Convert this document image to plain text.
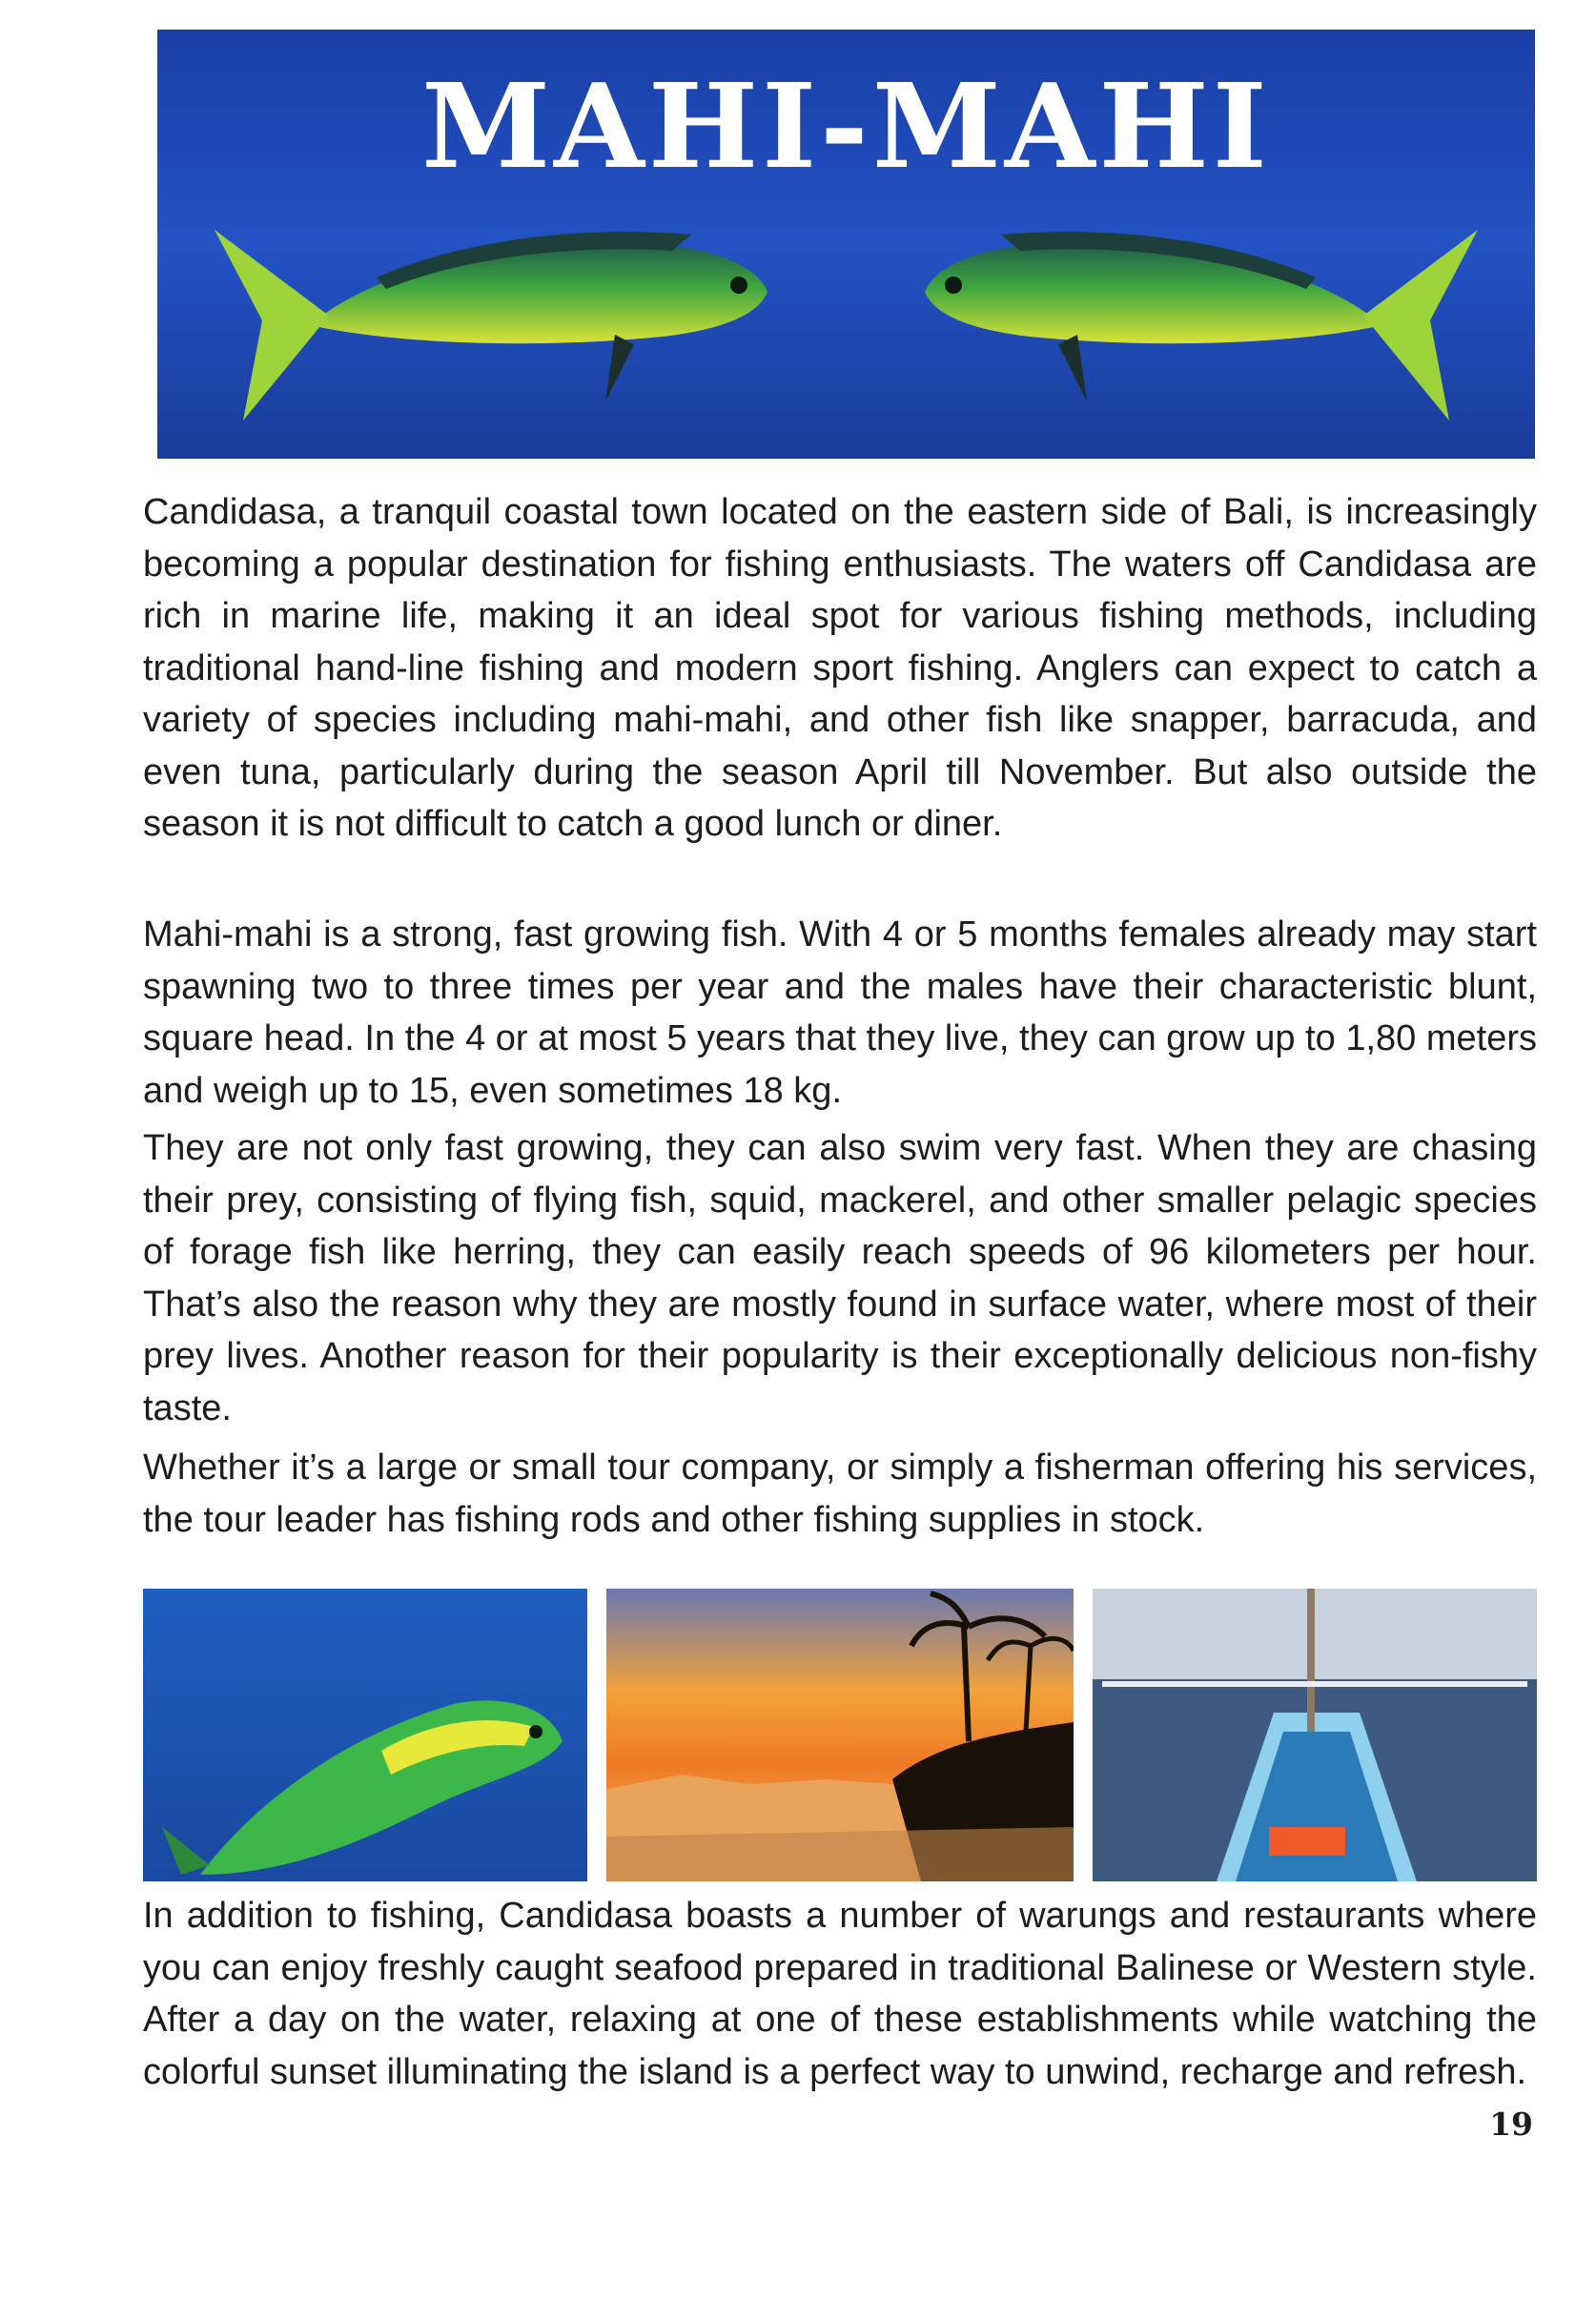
MAHI-MAHI

Candidasa, a tranquil coastal town located on the eastern side of Bali, is increasingly becoming a popular destination for fishing enthusiasts. The waters off Candidasa are rich in marine life, making it an ideal spot for various fishing methods, including traditional hand-line fishing and modern sport fishing. Anglers can expect to catch a variety of species including mahi-mahi, and other fish like snapper, barracuda, and even tuna, particularly during the season April till November. But also outside the season it is not difficult to catch a good lunch or diner.

Mahi-mahi is a strong, fast growing fish. With 4 or 5 months females already may start spawning two to three times per year and the males have their characteristic blunt, square head. In the 4 or at most 5 years that they live, they can grow up to 1,80 meters and weigh up to 15, even sometimes 18 kg.

They are not only fast growing, they can also swim very fast. When they are chasing their prey, consisting of flying fish, squid, mackerel, and other smaller pelagic species of forage fish like herring, they can easily reach speeds of 96 kilometers per hour. That’s also the reason why they are mostly found in surface water, where most of their prey lives. Another reason for their popularity is their exceptionally delicious non-fishy taste.

Whether it’s a large or small tour company, or simply a fisherman offering his services, the tour leader has fishing rods and other fishing supplies in stock.

In addition to fishing, Candidasa boasts a number of warungs and restaurants where you can enjoy freshly caught seafood prepared in traditional Balinese or Western style. After a day on the water, relaxing at one of these establishments while watching the colorful sunset illuminating the island is a perfect way to unwind, recharge and refresh.

19
